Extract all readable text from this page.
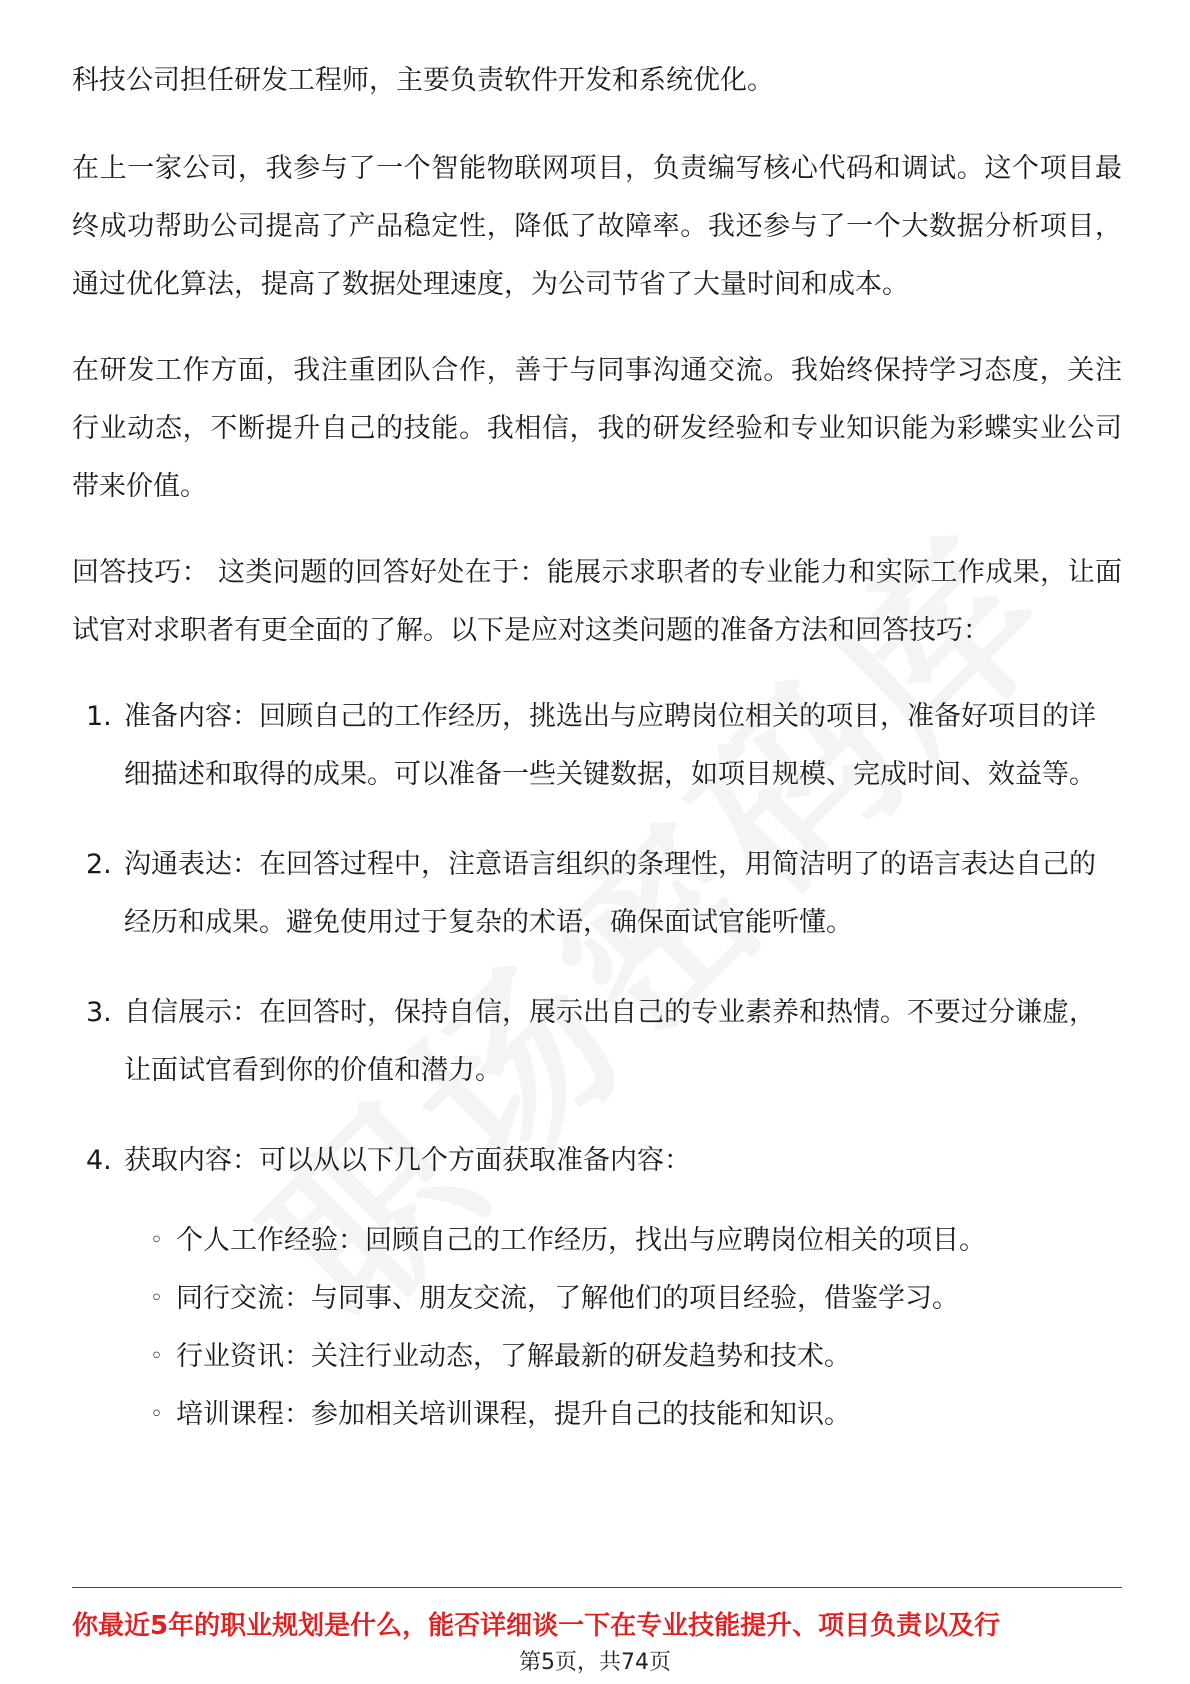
科技公司担任研发工程师，主要负责软件开发和系统优化。

在上一家公司，我参与了一个智能物联网项目，负责编写核心代码和调试。这个项目最终成功帮助公司提高了产品稳定性，降低了故障率。我还参与了一个大数据分析项目，通过优化算法，提高了数据处理速度，为公司节省了大量时间和成本。

在研发工作方面，我注重团队合作，善于与同事沟通交流。我始终保持学习态度，关注行业动态，不断提升自己的技能。我相信，我的研发经验和专业知识能为彩蝶实业公司带来价值。

回答技巧： 这类问题的回答好处在于：能展示求职者的专业能力和实际工作成果，让面试官对求职者有更全面的了解。以下是应对这类问题的准备方法和回答技巧：

1. 准备内容：回顾自己的工作经历，挑选出与应聘岗位相关的项目，准备好项目的详细描述和取得的成果。可以准备一些关键数据，如项目规模、完成时间、效益等。
2. 沟通表达：在回答过程中，注意语言组织的条理性，用简洁明了的语言表达自己的经历和成果。避免使用过于复杂的术语，确保面试官能听懂。
3. 自信展示：在回答时，保持自信，展示出自己的专业素养和热情。不要过分谦虚，让面试官看到你的价值和潜力。
4. 获取内容：可以从以下几个方面获取准备内容：
◦ 个人工作经验：回顾自己的工作经历，找出与应聘岗位相关的项目。
◦ 同行交流：与同事、朋友交流，了解他们的项目经验，借鉴学习。
◦ 行业资讯：关注行业动态，了解最新的研发趋势和技术。
◦ 培训课程：参加相关培训课程，提升自己的技能和知识。
你最近5年的职业规划是什么，能否详细谈一下在专业技能提升、项目负责以及行
第5页，共74页
